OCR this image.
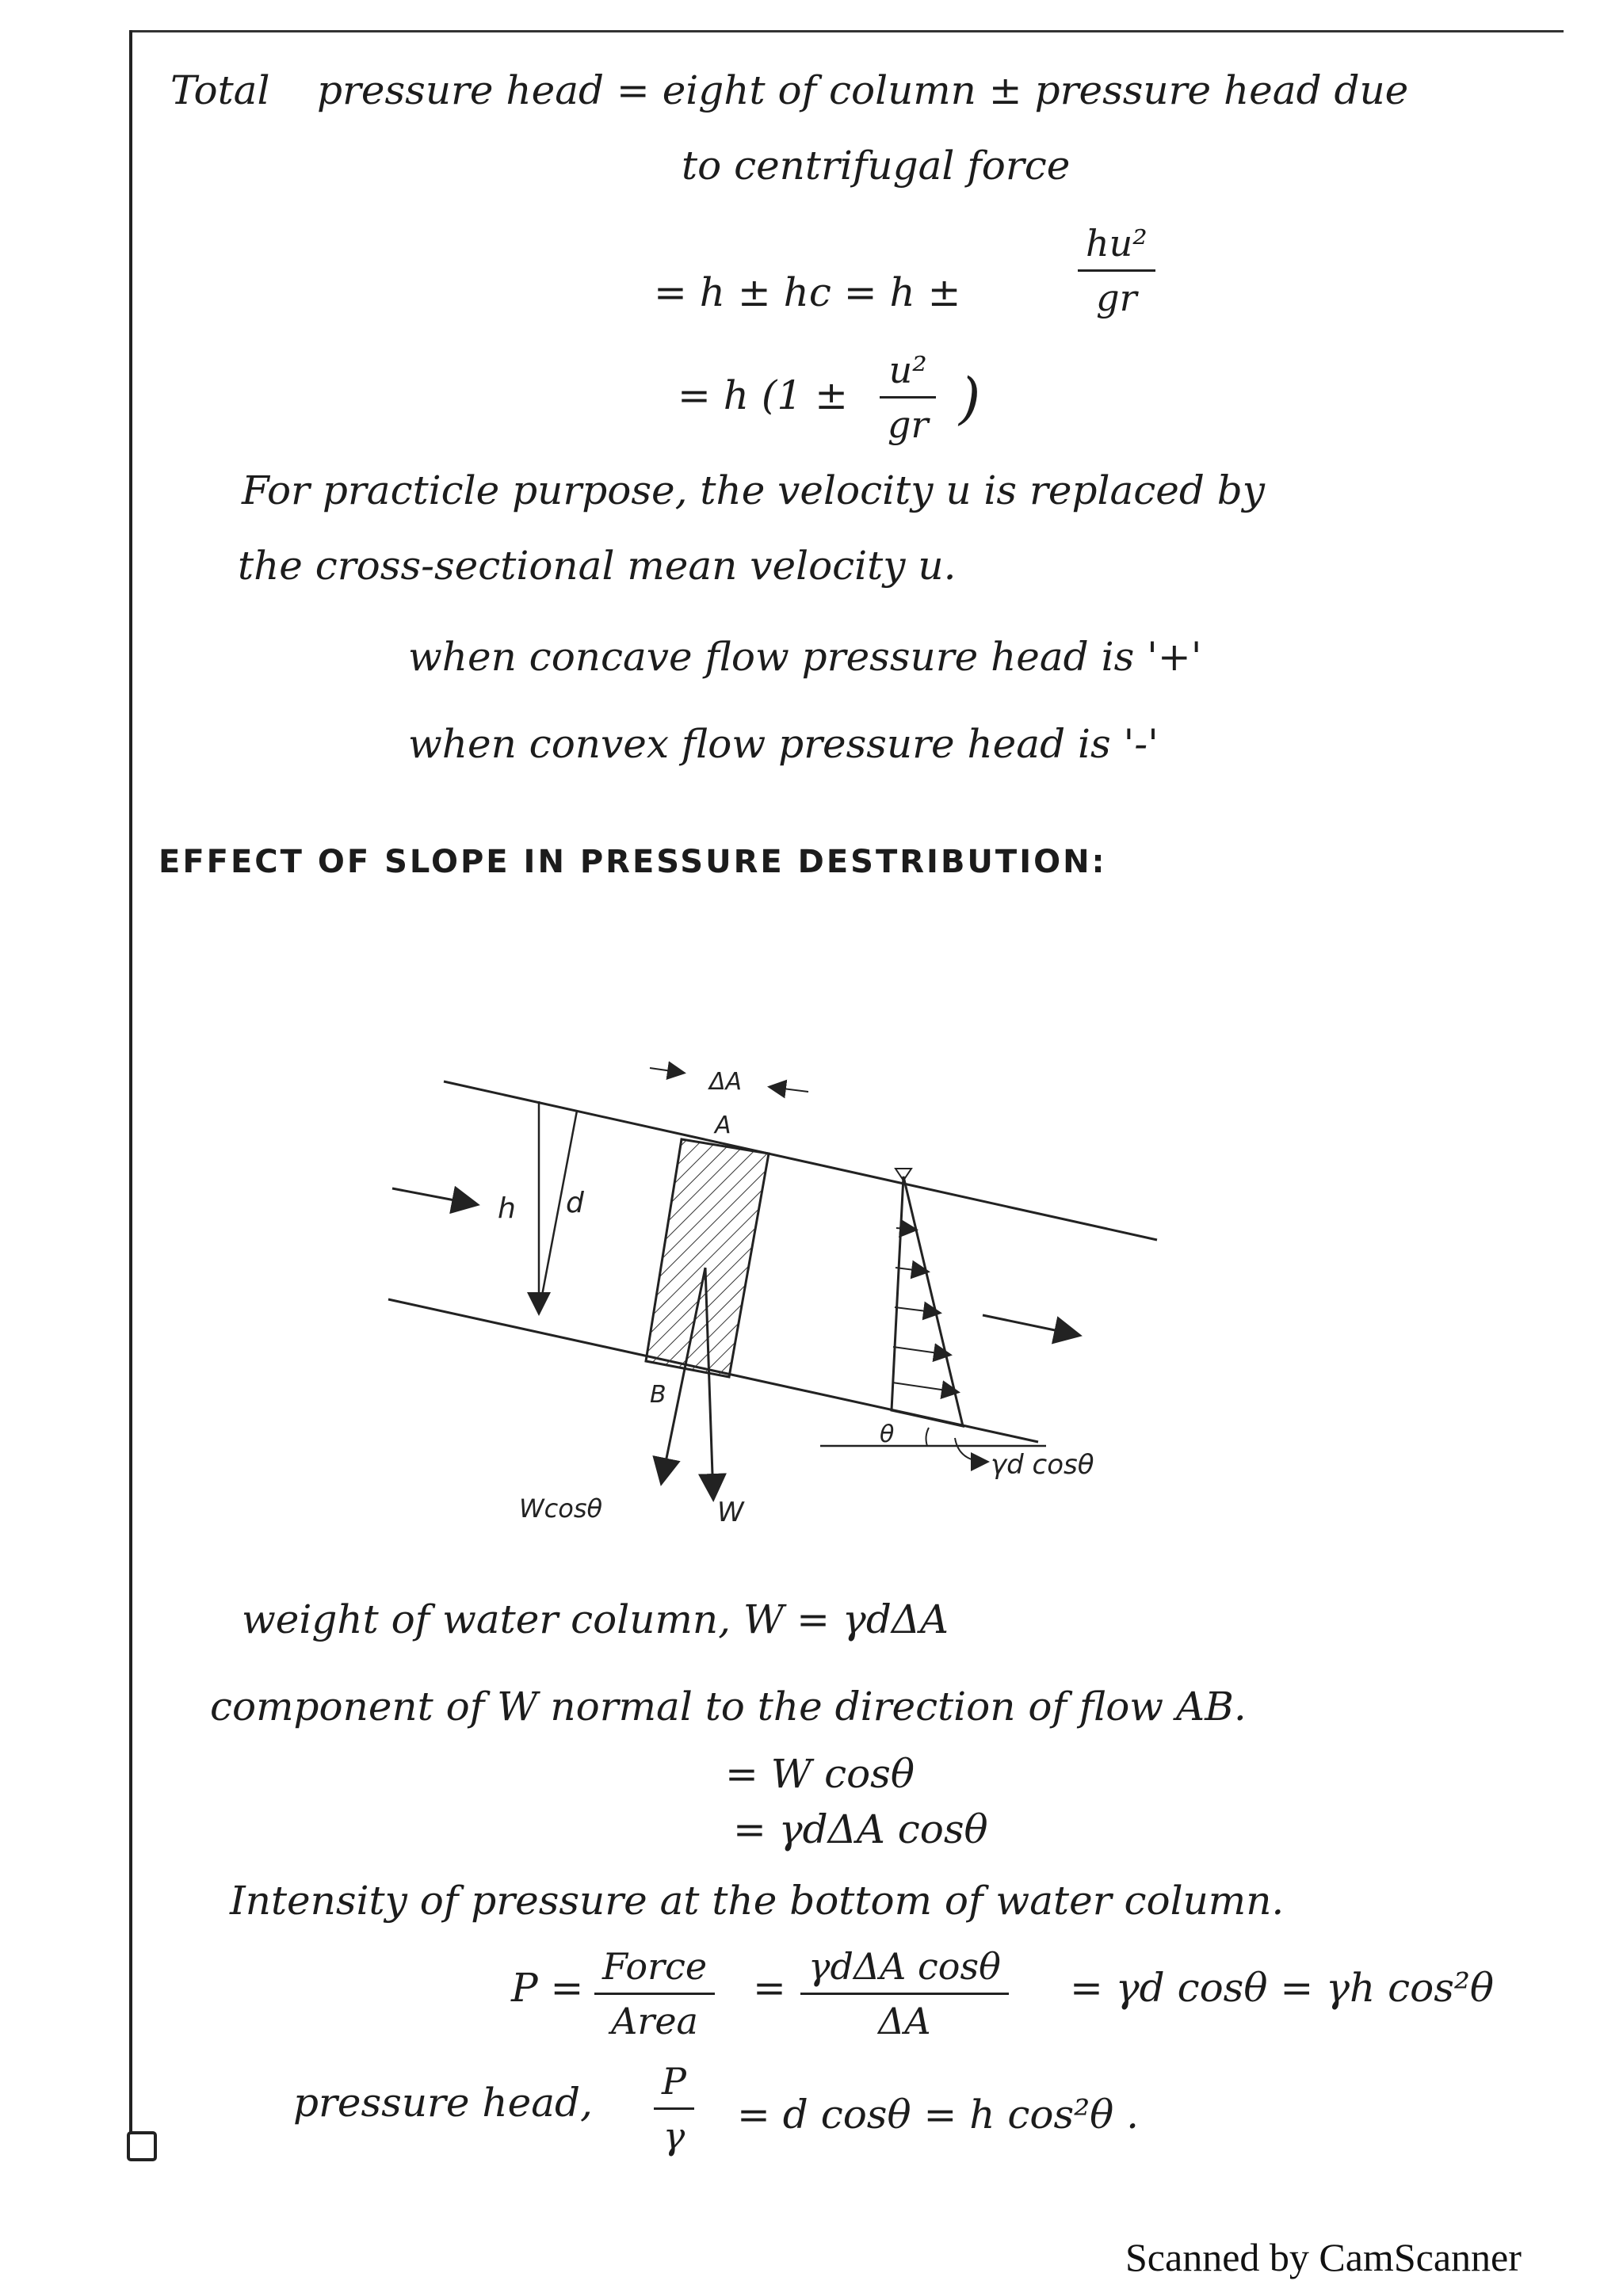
Total pressure head = eight of column ± pressure head due
to centrifugal force
= h ± hc = h ±	$\frac{\text{hu²}}{gr}$
= h ($1 \pm \frac{\text{u²}}{gr}$ )
For practicle purpose, the velocity u is replaced by
the cross-sectional mean velocity u.
when concave flow pressure head is '+'
when convex flow pressure head is '-'
EFFECT OF SLOPE IN PRESSURE DESTRIBUTION:
h d
A
B
ΔA
W
Wcosθ
θ
γd cosθ
weight of water column, W = γdΔA
component of W normal to the direction of flow AB.
= W cosθ
= γdΔA cosθ
Intensity of pressure at the bottom of water column.
P = Force
Area
= γdΔA cosθ
ΔA
= γd cosθ = γh cos²θ
pressure head, $\frac{P}{\gamma} = d$ cosθ = h cos²θ .
Scanned by CamScanner
